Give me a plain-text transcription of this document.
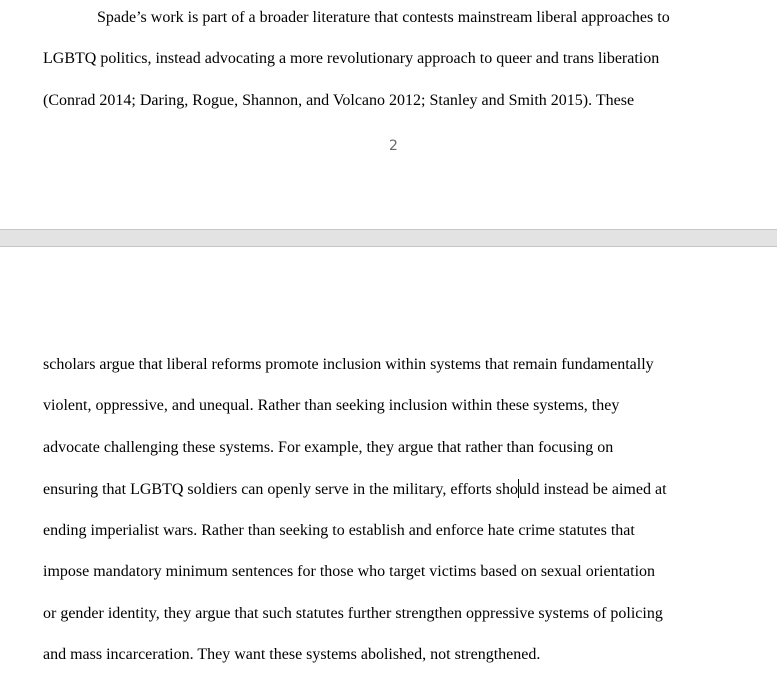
Spade’s work is part of a broader literature that contests mainstream liberal approaches to
LGBTQ politics, instead advocating a more revolutionary approach to queer and trans liberation
(Conrad 2014; Daring, Rogue, Shannon, and Volcano 2012; Stanley and Smith 2015). These
2
scholars argue that liberal reforms promote inclusion within systems that remain fundamentally
violent, oppressive, and unequal. Rather than seeking inclusion within these systems, they
advocate challenging these systems. For example, they argue that rather than focusing on
ensuring that LGBTQ soldiers can openly serve in the military, efforts should instead be aimed at
ending imperialist wars. Rather than seeking to establish and enforce hate crime statutes that
impose mandatory minimum sentences for those who target victims based on sexual orientation
or gender identity, they argue that such statutes further strengthen oppressive systems of policing
and mass incarceration. They want these systems abolished, not strengthened.
